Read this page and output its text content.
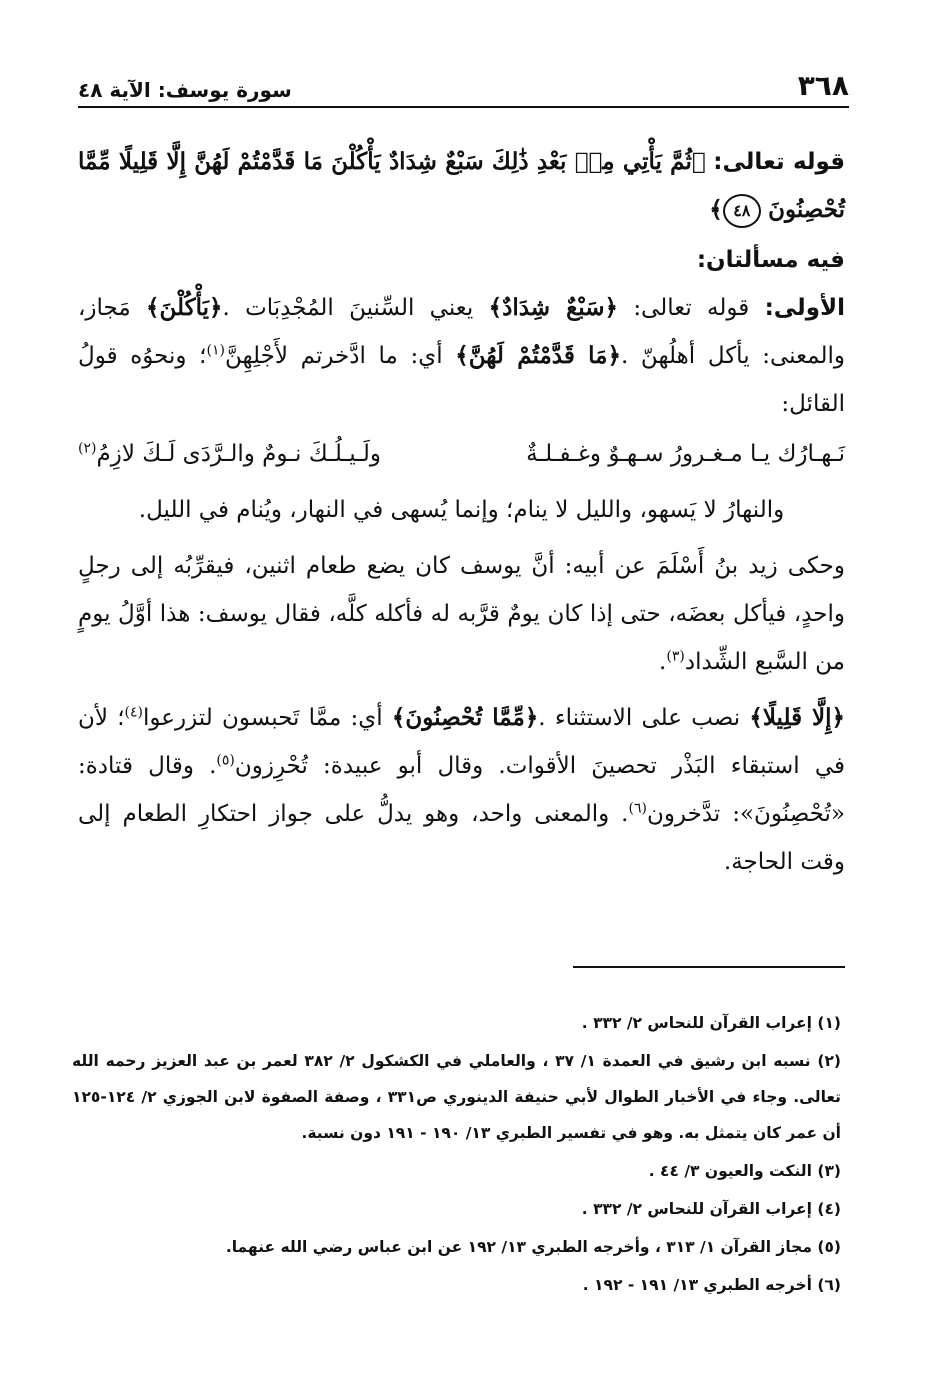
٣٦٨
سورة يوسف: الآية ٤٨

قوله تعالى: ﴿ثُمَّ يَأْتِي مِنۢ بَعْدِ ذَٰلِكَ سَبْعٌ شِدَادٌ يَأْكُلْنَ مَا قَدَّمْتُمْ لَهُنَّ إِلَّا قَلِيلًا مِّمَّا تُحْصِنُونَ ٤٨﴾

فيه مسألتان:

الأولى: قوله تعالى: ﴿سَبْعٌ شِدَادٌ﴾ يعني السِّنينَ المُجْدِبَات .﴿يَأْكُلْنَ﴾ مَجاز، والمعنى: يأكل أهلُهنّ .﴿مَا قَدَّمْتُمْ لَهُنَّ﴾ أي: ما ادَّخرتم لأَجْلِهِنَّ$^{(١)}$؛ ونحوُه قولُ القائل:

نَـهـارُك يـا مـغـرورُ سـهـوٌ وغـفـلـةٌ
ولَـيـلُـكَ نـومٌ والـرَّدَى لَـكَ لازِمُ$^{(٢)}$

والنهارُ لا يَسهو، والليل لا ينام؛ وإنما يُسهى في النهار، ويُنام في الليل.

وحكى زيد بنُ أَسْلَمَ عن أبيه: أنَّ يوسف كان يضع طعام اثنين، فيقرِّبُه إلى رجلٍ واحدٍ، فيأكل بعضَه، حتى إذا كان يومٌ قرَّبه له فأكله كلَّه، فقال يوسف: هذا أوَّلُ يومٍ من السَّبع الشِّداد$^{(٣)}$.

﴿إِلَّا قَلِيلًا﴾ نصب على الاستثناء .﴿مِّمَّا تُحْصِنُونَ﴾ أي: ممَّا تَحبسون لتزرعوا$^{(٤)}$؛ لأن في استبقاء البَذْر تحصينَ الأقوات. وقال أبو عبيدة: تُحْرِزون$^{(٥)}$. وقال قتادة: «تُحْصِنُونَ»: تدَّخرون$^{(٦)}$. والمعنى واحد، وهو يدلُّ على جواز احتكارِ الطعام إلى وقت الحاجة.

(١) إعراب القرآن للنحاس ٢/ ٣٣٢ .

(٢) نسبه ابن رشيق في العمدة ١/ ٣٧ ، والعاملي في الكشكول ٢/ ٣٨٢ لعمر بن عبد العزيز رحمه الله تعالى. وجاء في الأخبار الطوال لأبي حنيفة الدينوري ص٣٣١ ، وصفة الصفوة لابن الجوزي ٢/ ١٢٤-١٢٥ أن عمر كان يتمثل به. وهو في تفسير الطبري ١٣/ ١٩٠ - ١٩١ دون نسبة.

(٣) النكت والعيون ٣/ ٤٤ .

(٤) إعراب القرآن للنحاس ٢/ ٣٣٢ .

(٥) مجاز القرآن ١/ ٣١٣ ، وأخرجه الطبري ١٣/ ١٩٢ عن ابن عباس رضي الله عنهما.

(٦) أخرجه الطبري ١٣/ ١٩١ - ١٩٢ .
